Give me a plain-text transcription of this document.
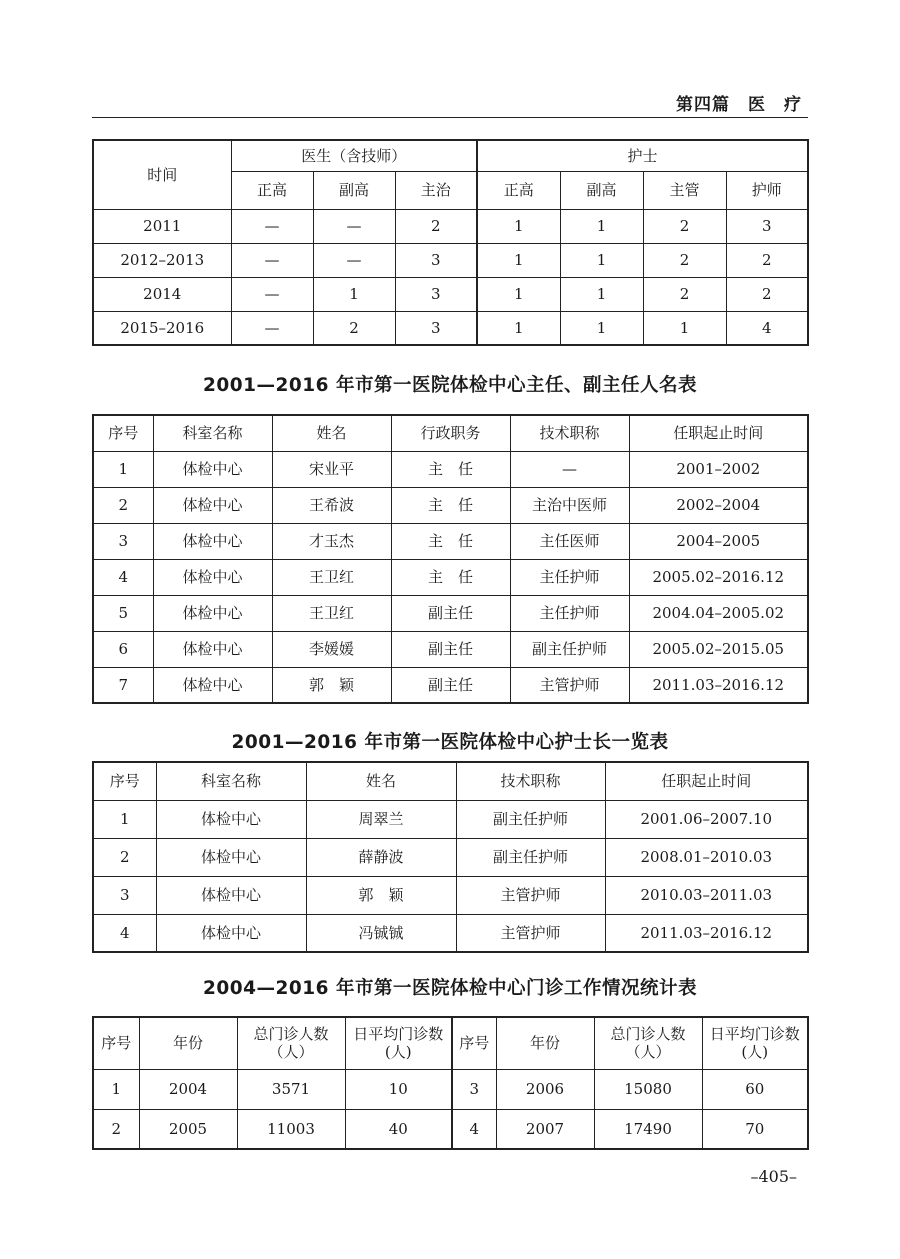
第四篇　医　疗
时间	医生（含技师）			护士			
	正高	副高	主治	正高	副高	主管	护师
2011	—	—	2	1	1	2	3
2012–2013	—	—	3	1	1	2	2
2014	—	1	3	1	1	2	2
2015–2016	—	2	3	1	1	1	4
2001—2016 年市第一医院体检中心主任、副主任人名表
序号	科室名称	姓名	行政职务	技术职称	任职起止时间
1	体检中心	宋业平	主　任	—	2001–2002
2	体检中心	王希波	主　任	主治中医师	2002–2004
3	体检中心	才玉杰	主　任	主任医师	2004–2005
4	体检中心	王卫红	主　任	主任护师	2005.02–2016.12
5	体检中心	王卫红	副主任	主任护师	2004.04–2005.02
6	体检中心	李媛媛	副主任	副主任护师	2005.02–2015.05
7	体检中心	郭　颖	副主任	主管护师	2011.03–2016.12
2001—2016 年市第一医院体检中心护士长一览表
序号	科室名称	姓名	技术职称	任职起止时间
1	体检中心	周翠兰	副主任护师	2001.06–2007.10
2	体检中心	薛静波	副主任护师	2008.01–2010.03
3	体检中心	郭　颖	主管护师	2010.03–2011.03
4	体检中心	冯铖铖	主管护师	2011.03–2016.12
2004—2016 年市第一医院体检中心门诊工作情况统计表
序号	年份	总门诊人数（人）	日平均门诊数(人)	序号	年份	总门诊人数（人）	日平均门诊数(人)
1	2004	3571	10	3	2006	15080	60
2	2005	11003	40	4	2007	17490	70
–405–
